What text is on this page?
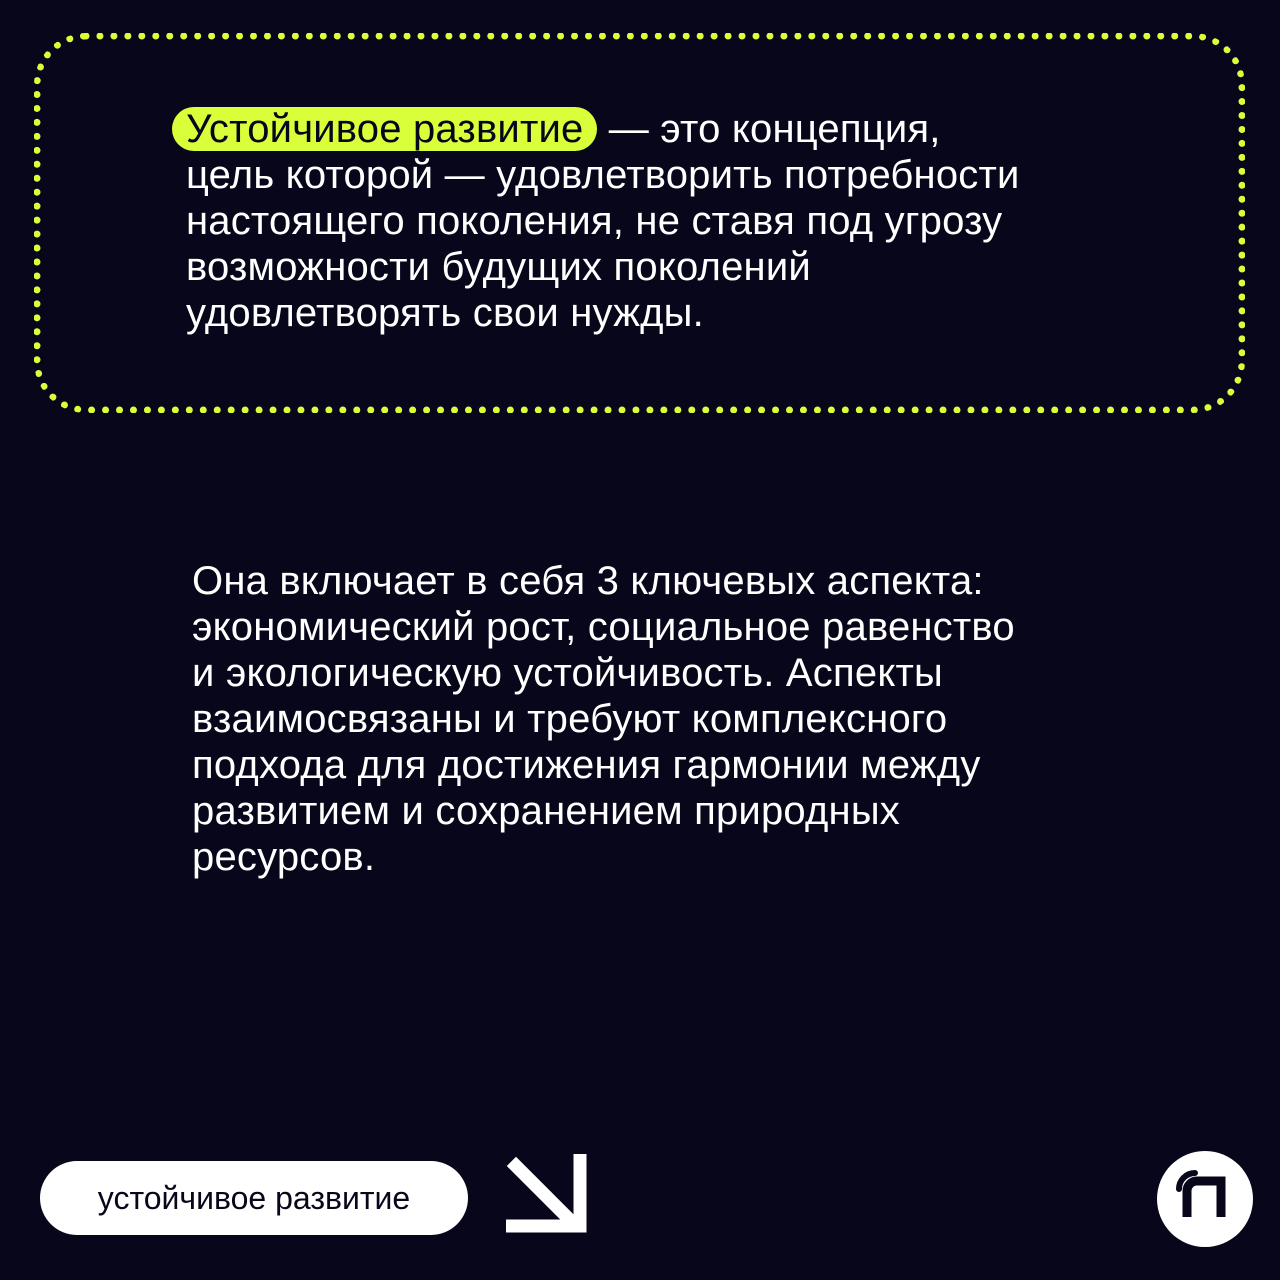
Устойчивое развитие — это концепция,
цель которой — удовлетворить потребности
настоящего поколения, не ставя под угрозу
возможности будущих поколений
удовлетворять свои нужды.

Она включает в себя 3 ключевых аспекта:
экономический рост, социальное равенство
и экологическую устойчивость. Аспекты
взаимосвязаны и требуют комплексного
подхода для достижения гармонии между
развитием и сохранением природных
ресурсов.

устойчивое развитие
